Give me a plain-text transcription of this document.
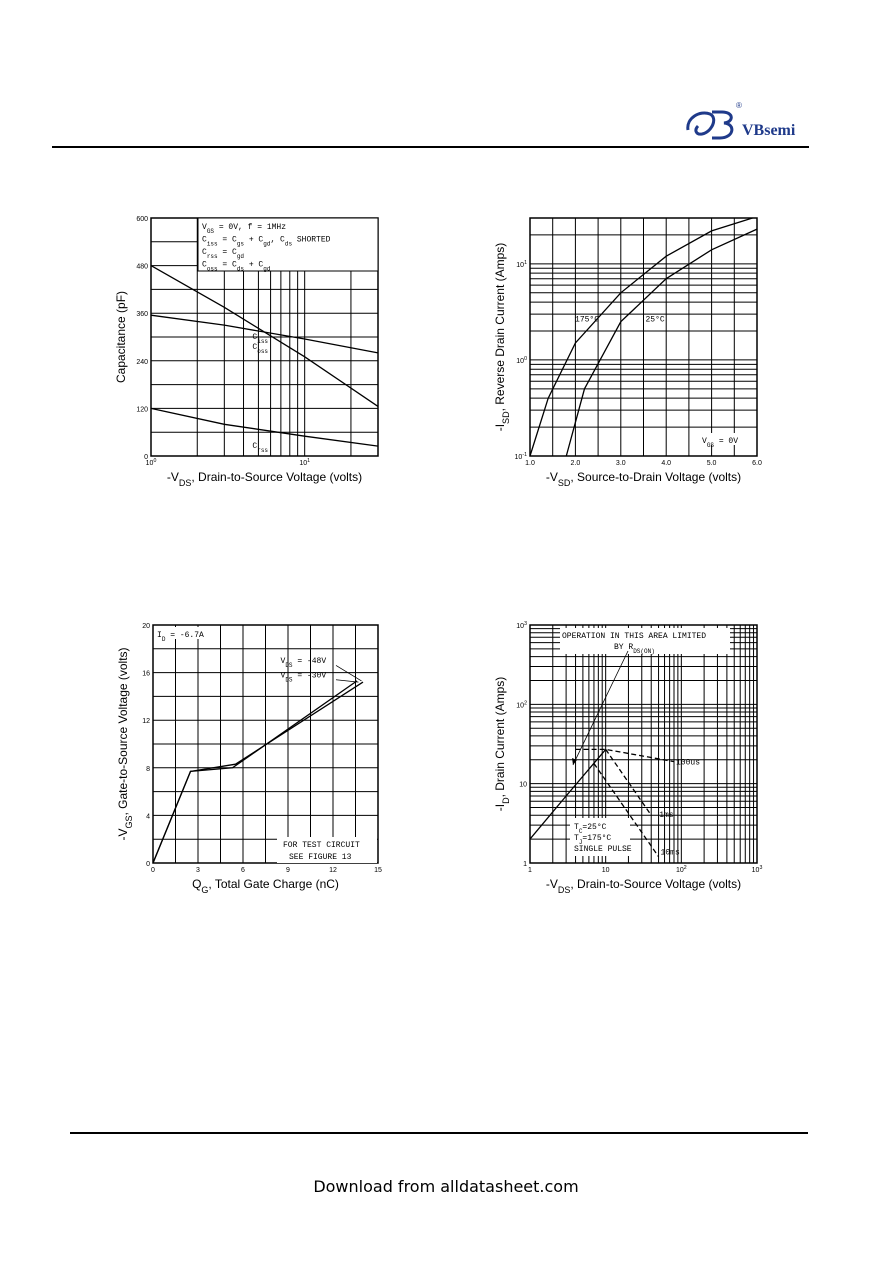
®
VBsemi
$10^0$	$10^1$
0
120
240
360
480
600
$-V_{DS}$, Drain-to-Source Voltage (volts)
Capacitance (pF)	$C_{iss}$
$C_{oss}$
$C_{rss}$
$V_{GS} = 0V$, f = 1MHz
$C_{iss} = C_{gs} + C_{gd}$, $C_{ds}$ SHORTED
$C_{rss} = C_{gd}$
$C_{oss} = C_{ds} + C_{gd}$
1.0	2.0	3.0	4.0	5.0	6.0
$10^{-1}$
$10^0$
$10^1$
$-V_{SD}$, Source-to-Drain Voltage (volts)
$-I_{SD}$, Reverse Drain Current (Amps)	175°C	25°C
$V_{GS} = 0V$
0	3	6	9	12	15
0
4
8
12
16
20
$Q_G$, Total Gate Charge (nC)
$-V_{GS}$, Gate-to-Source Voltage (volts)	$V_{DS} = -48V$
$V_{DS} = -30V$
$I_D = -6.7A$
FOR TEST CIRCUIT
SEE FIGURE 13
1	10	$10^2$	$10^3$
1
10
$10^2$
$10^3$
$-V_{DS}$, Drain-to-Source Voltage (volts)
$-I_D$, Drain Current (Amps)
OPERATION IN THIS AREA LIMITED
BY $R_{DS(ON)}$
100us
1ms
10ms
$T_C=25^\circ C$
$T_J=175^\circ C$
SINGLE PULSE
Download from alldatasheet.com
